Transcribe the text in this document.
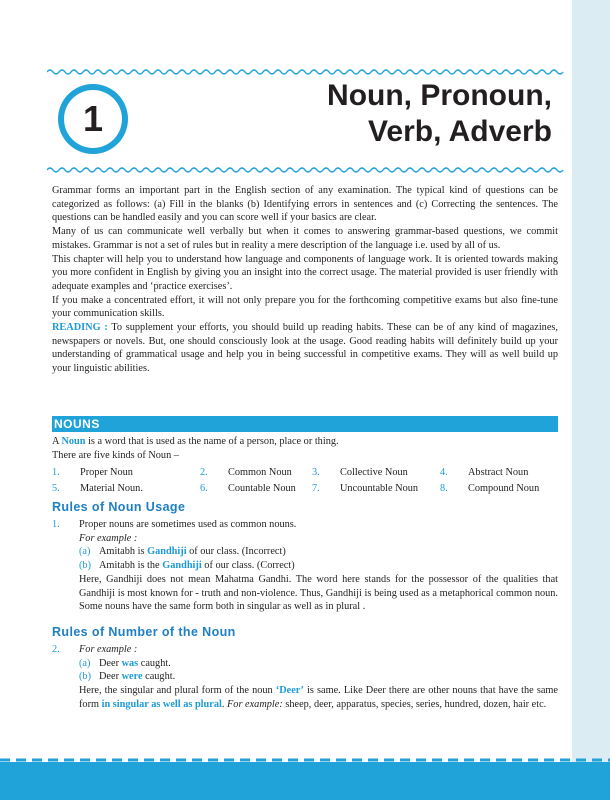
1
Noun, Pronoun,
Verb, Adverb

Grammar forms an important part in the English section of any examination. The typical kind of questions can be categorized as follows: (a) Fill in the blanks (b) Identifying errors in sentences and (c) Correcting the sentences. The questions can be handled easily and you can score well if your basics are clear.

Many of us can communicate well verbally but when it comes to answering grammar-based questions, we commit mistakes. Grammar is not a set of rules but in reality a mere description of the language i.e. used by all of us.

This chapter will help you to understand how language and components of language work. It is oriented towards making you more confident in English by giving you an insight into the correct usage. The material provided is user friendly with adequate examples and ‘practice exercises’.

If you make a concentrated effort, it will not only prepare you for the forthcoming competitive exams but also fine-tune your communication skills.

READING : To supplement your efforts, you should build up reading habits. These can be of any kind of magazines, newspapers or novels. But, one should consciously look at the usage. Good reading habits will definitely build up your understanding of grammatical usage and help you in being successful in competitive exams. They will as well build up your linguistic abilities.

NOUNS

A Noun is a word that is used as the name of a person, place or thing.

There are five kinds of Noun –

1. Proper Noun	2. Common Noun 3. Collective Noun	4. Abstract Noun
5. Material Noun.	6. Countable Noun 7. Uncountable Noun 8. Compound Noun
Rules of Noun Usage
1. Proper nouns are sometimes used as common nouns.
For example :
(a) Amitabh is Gandhiji of our class. (Incorrect)
(b) Amitabh is the Gandhiji of our class. (Correct)
Here, Gandhiji does not mean Mahatma Gandhi. The word here stands for the possessor of the qualities that Gandhiji is most known for - truth and non-violence. Thus, Gandhiji is being used as a metaphorical common noun. Some nouns have the same form both in singular as well as in plural .
Rules of Number of the Noun
2. For example :
(a) Deer was caught.
(b) Deer were caught.
Here, the singular and plural form of the noun ‘Deer’ is same. Like Deer there are other nouns that have the same form in singular as well as plural. For example: sheep, deer, apparatus, species, series, hundred, dozen, hair etc.
